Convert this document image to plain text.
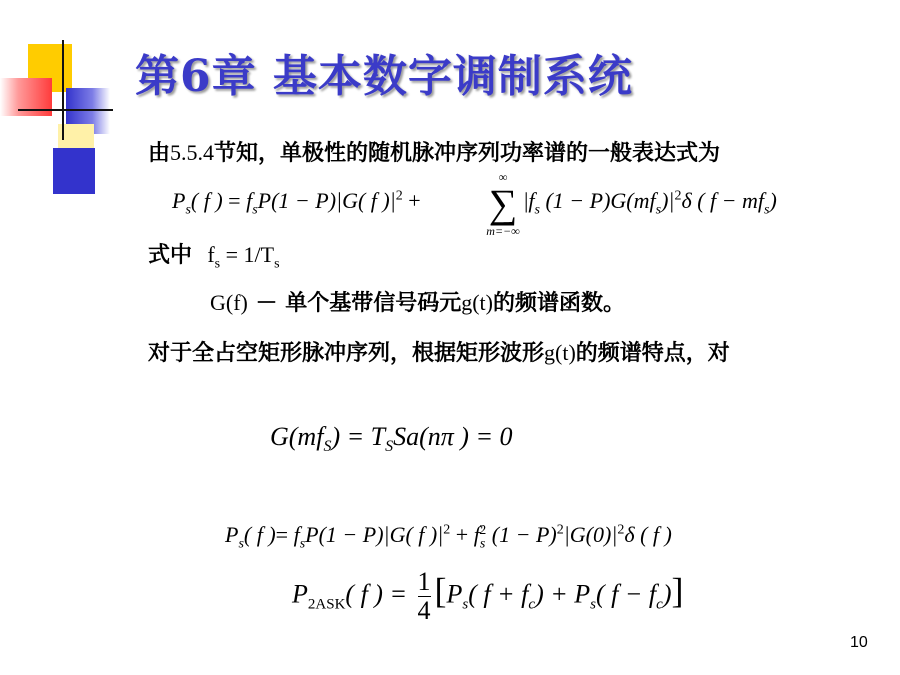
第6章 基本数字调制系统

由5.5.4节知，单极性的随机脉冲序列功率谱的一般表达式为

$P_s$( f ) = $f_sP(1 - P)|G$( f )$|^2$ +
∞
∑
m=−∞
$|f_s$ $(1 - P)G(mf_s)|^2\delta$ ( $f - mf_s$)

式中 $f_s = 1/T_s$

G(f) － 单个基带信号码元g(t)的频谱函数。

对于全占空矩形脉冲序列，根据矩形波形g(t)的频谱特点，对

$G(mf_S) = T_SSa(n\pi$ ) = 0
$P_s$( f )= $f_sP(1 - P)|G$( f )$|^2 + f_s^2$ $(1 - P)^2|G(0)|^2\delta$ ( f )
$P_{2ASK}$( f ) = $\frac{1}{4} [P_s$( $f + f_c) + P_s$( $f - f_c$)]
10
